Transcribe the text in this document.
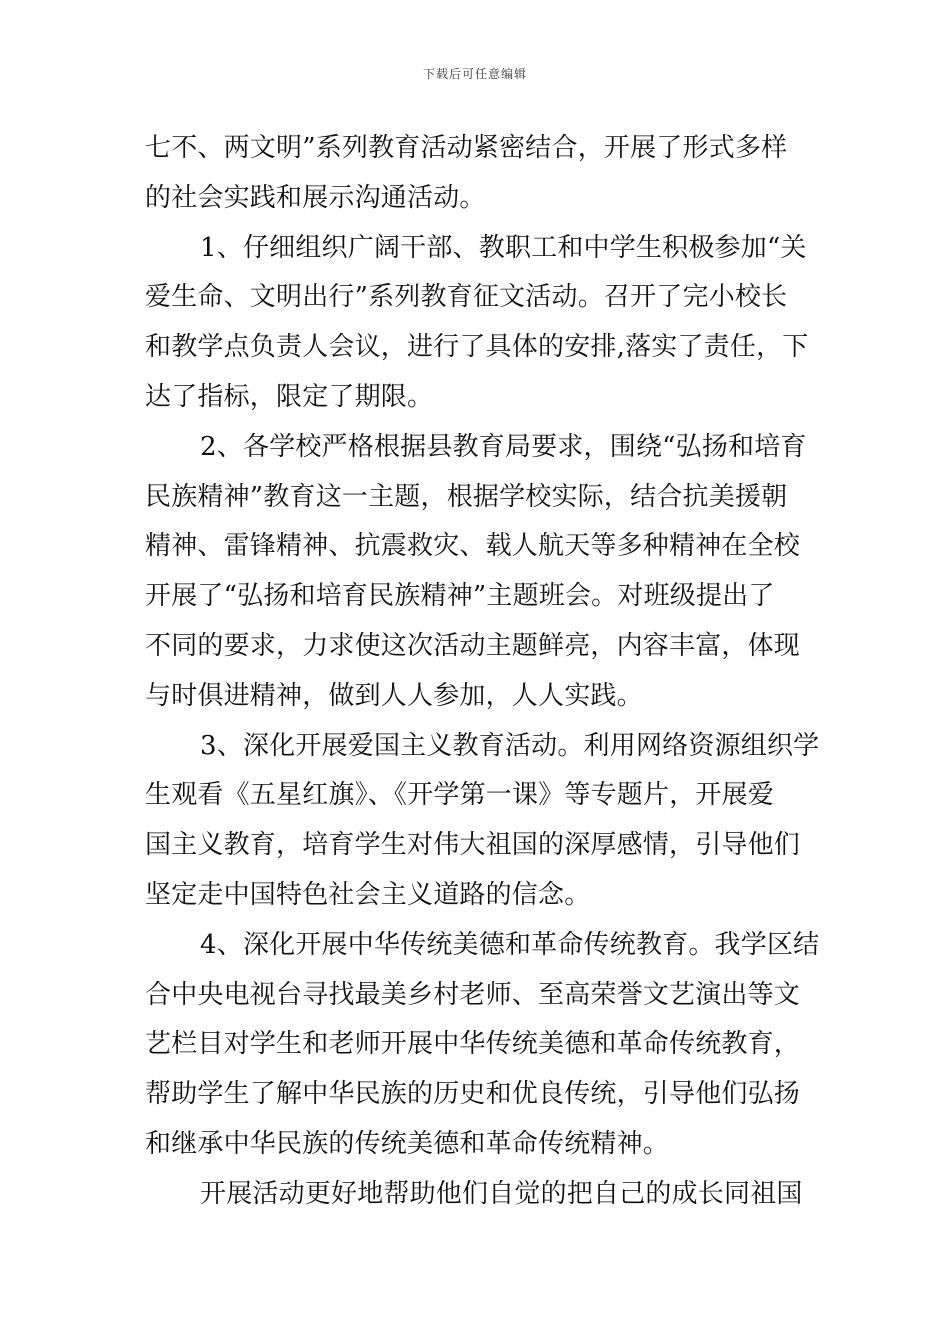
下载后可任意编辑
七不、两文明”系列教育活动紧密结合，开展了形式多样
的社会实践和展示沟通活动。
1、仔细组织广阔干部、教职工和中学生积极参加“关
爱生命、文明出行”系列教育征文活动。召开了完小校长
和教学点负责人会议，进行了具体的安排,落实了责任，下
达了指标，限定了期限。
2、各学校严格根据县教育局要求，围绕“弘扬和培育
民族精神”教育这一主题，根据学校实际，结合抗美援朝
精神、雷锋精神、抗震救灾、载人航天等多种精神在全校
开展了“弘扬和培育民族精神”主题班会。对班级提出了
不同的要求，力求使这次活动主题鲜亮，内容丰富，体现
与时俱进精神，做到人人参加，人人实践。
3、深化开展爱国主义教育活动。利用网络资源组织学
生观看《五星红旗》、《开学第一课》等专题片，开展爱
国主义教育，培育学生对伟大祖国的深厚感情，引导他们
坚定走中国特色社会主义道路的信念。
4、深化开展中华传统美德和革命传统教育。我学区结
合中央电视台寻找最美乡村老师、至高荣誉文艺演出等文
艺栏目对学生和老师开展中华传统美德和革命传统教育，
帮助学生了解中华民族的历史和优良传统，引导他们弘扬
和继承中华民族的传统美德和革命传统精神。
开展活动更好地帮助他们自觉的把自己的成长同祖国
